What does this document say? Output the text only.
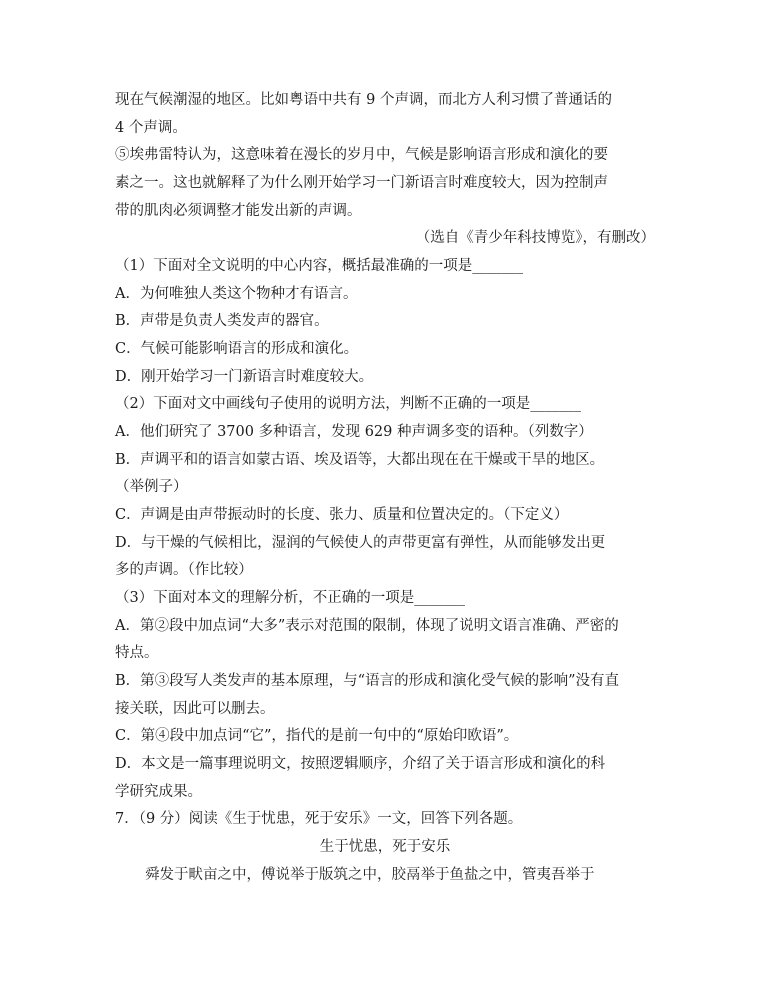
现在气候潮湿的地区。比如粤语中共有 9 个声调，而北方人利习惯了普通话的
4 个声调。
⑤埃弗雷特认为，这意味着在漫长的岁月中，气候是影响语言形成和演化的要
素之一。这也就解释了为什么刚开始学习一门新语言时难度较大，因为控制声
带的肌肉必须调整才能发出新的声调。
（选自《青少年科技博览》，有删改）
（1）下面对全文说明的中心内容，概括最准确的一项是_______
A．为何唯独人类这个物种才有语言。
B．声带是负责人类发声的器官。
C．气候可能影响语言的形成和演化。
D．刚开始学习一门新语言时难度较大。
（2）下面对文中画线句子使用的说明方法，判断不正确的一项是_______
A．他们研究了 3700 多种语言，发现 629 种声调多变的语种。（列数字）
B．声调平和的语言如蒙古语、埃及语等，大都出现在在干燥或干旱的地区。
（举例子）
C．声调是由声带振动时的长度、张力、质量和位置决定的。（下定义）
D．与干燥的气候相比，湿润的气候使人的声带更富有弹性，从而能够发出更
多的声调。（作比较）
（3）下面对本文的理解分析，不正确的一项是_______
A．第②段中加点词“大多”表示对范围的限制，体现了说明文语言准确、严密的
特点。
B．第③段写人类发声的基本原理，与“语言的形成和演化受气候的影响”没有直
接关联，因此可以删去。
C．第④段中加点词“它”，指代的是前一句中的“原始印欧语”。
D．本文是一篇事理说明文，按照逻辑顺序，介绍了关于语言形成和演化的科
学研究成果。
7．（9 分）阅读《生于忧患，死于安乐》一文，回答下列各题。
生于忧患，死于安乐
舜发于畎亩之中，傅说举于版筑之中，胶鬲举于鱼盐之中，管夷吾举于
